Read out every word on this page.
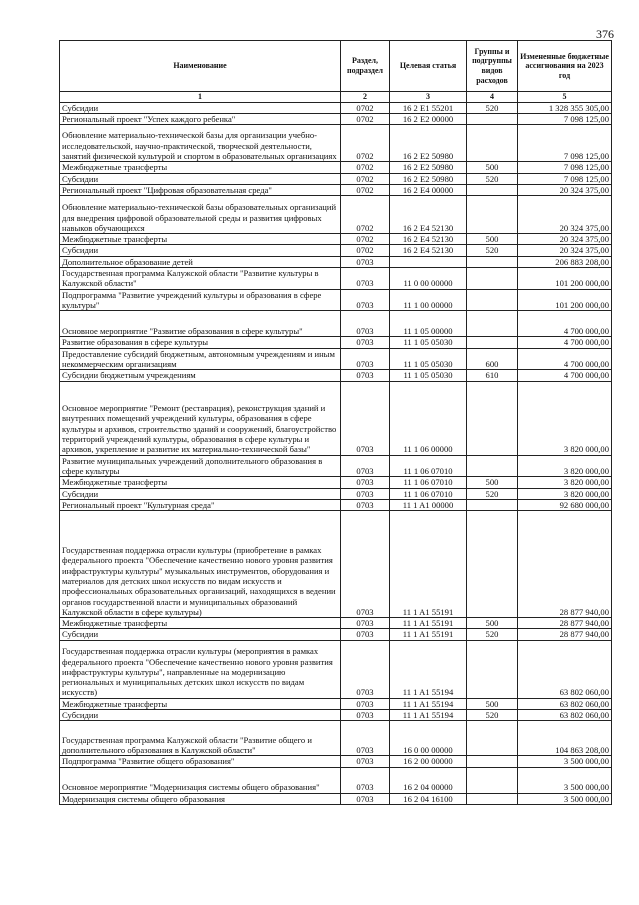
376
Наименование	Раздел, подраздел	Целевая статья	Группы и подгруппы видов расходов	Измененные бюджетные ассигнования на 2023 год
1	2	3	4	5
Субсидии	0702	16 2 E1 55201	520	1 328 355 305,00
Региональный проект "Успех каждого ребенка"	0702	16 2 E2 00000		7 098 125,00
Обновление материально-технической базы для организации учебно-исследовательской, научно-практической, творческой деятельности, занятий физической культурой и спортом в образовательных организациях	0702	16 2 E2 50980		7 098 125,00
Межбюджетные трансферты	0702	16 2 E2 50980	500	7 098 125,00
Субсидии	0702	16 2 E2 50980	520	7 098 125,00
Региональный проект "Цифровая образовательная среда"	0702	16 2 E4 00000		20 324 375,00
Обновление материально-технической базы образовательных организаций для внедрения цифровой образовательной среды и развития цифровых навыков обучающихся	0702	16 2 E4 52130		20 324 375,00
Межбюджетные трансферты	0702	16 2 E4 52130	500	20 324 375,00
Субсидии	0702	16 2 E4 52130	520	20 324 375,00
Дополнительное образование детей	0703			206 883 208,00
Государственная программа Калужской области "Развитие культуры в Калужской области"	0703	11 0 00 00000		101 200 000,00
Подпрограмма "Развитие учреждений культуры и образования в сфере культуры"	0703	11 1 00 00000		101 200 000,00
Основное мероприятие "Развитие образования в сфере культуры"	0703	11 1 05 00000		4 700 000,00
Развитие образования в сфере культуры	0703	11 1 05 05030		4 700 000,00
Предоставление субсидий бюджетным, автономным учреждениям и иным некоммерческим организациям	0703	11 1 05 05030	600	4 700 000,00
Субсидии бюджетным учреждениям	0703	11 1 05 05030	610	4 700 000,00
Основное мероприятие "Ремонт (реставрация), реконструкция зданий и внутренних помещений учреждений культуры, образования в сфере культуры и архивов, строительство зданий и сооружений, благоустройство территорий учреждений культуры, образования в сфере культуры и архивов, укрепление и развитие их материально-технической базы"	0703	11 1 06 00000		3 820 000,00
Развитие муниципальных учреждений дополнительного образования в сфере культуры	0703	11 1 06 07010		3 820 000,00
Межбюджетные трансферты	0703	11 1 06 07010	500	3 820 000,00
Субсидии	0703	11 1 06 07010	520	3 820 000,00
Региональный проект "Культурная среда"	0703	11 1 A1 00000		92 680 000,00
Государственная поддержка отрасли культуры (приобретение в рамках федерального проекта "Обеспечение качественно нового уровня развития инфраструктуры культуры" музыкальных инструментов, оборудования и материалов для детских школ искусств по видам искусств и профессиональных образовательных организаций, находящихся в ведении органов государственной власти и муниципальных образований Калужской области в сфере культуры)	0703	11 1 A1 55191		28 877 940,00
Межбюджетные трансферты	0703	11 1 A1 55191	500	28 877 940,00
Субсидии	0703	11 1 A1 55191	520	28 877 940,00
Государственная поддержка отрасли культуры (мероприятия в рамках федерального проекта "Обеспечение качественно нового уровня развития инфраструктуры культуры", направленные на модернизацию региональных и муниципальных детских школ искусств по видам искусств)	0703	11 1 A1 55194		63 802 060,00
Межбюджетные трансферты	0703	11 1 A1 55194	500	63 802 060,00
Субсидии	0703	11 1 A1 55194	520	63 802 060,00
Государственная программа Калужской области "Развитие общего и дополнительного образования в Калужской области"	0703	16 0 00 00000		104 863 208,00
Подпрограмма "Развитие общего образования"	0703	16 2 00 00000		3 500 000,00
Основное мероприятие "Модернизация системы общего образования"	0703	16 2 04 00000		3 500 000,00
Модернизация системы общего образования	0703	16 2 04 16100		3 500 000,00
